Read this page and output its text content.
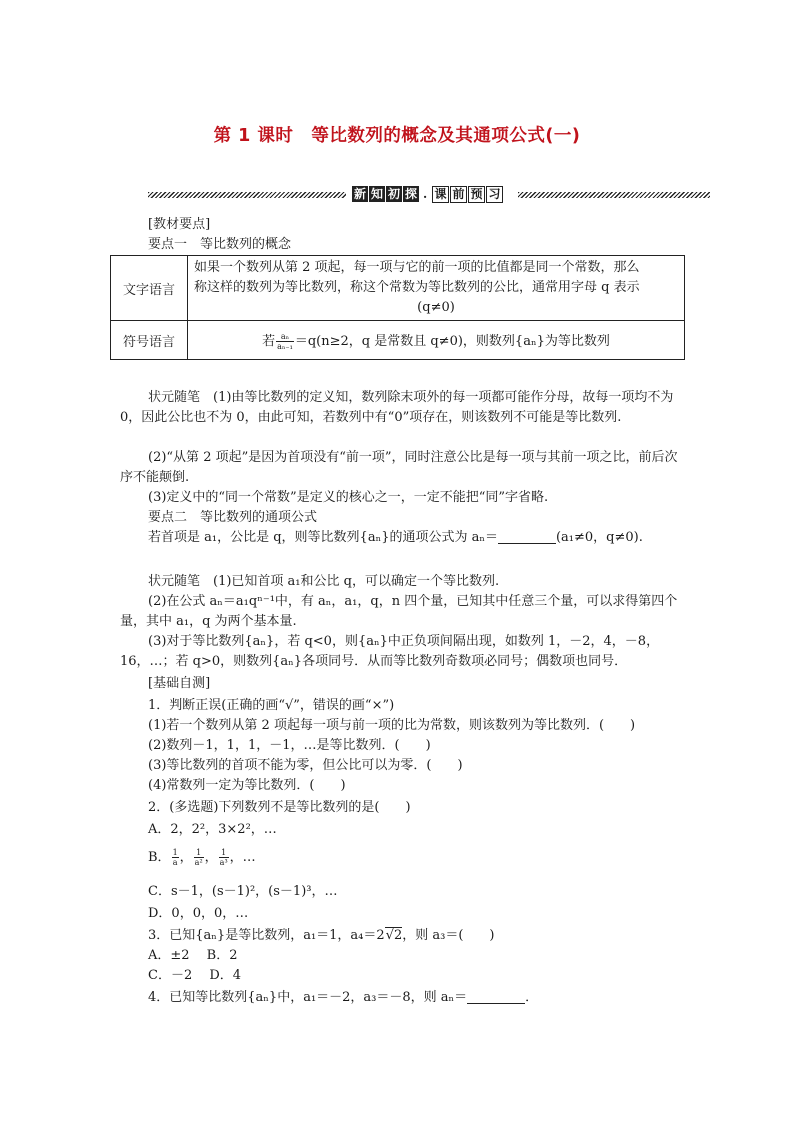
第 1 课时　等比数列的概念及其通项公式(一)
新 知 初 探 · 课 前 预 习
[教材要点]
要点一　等比数列的概念
文字语言	如果一个数列从第 2 项起，每一项与它的前一项的比值都是同一个常数，那么
称这样的数列为等比数列，称这个常数为等比数列的公比，通常用字母 q 表示
(q≠0)

符号语言	若 $\frac{\text{aₙ}}{\text{aₙ₋₁}} =q(n\ge 2$，q 是常数且 q≠0)，则数列{aₙ}为等比数列
状元随笔　(1)由等比数列的定义知，数列除末项外的每一项都可能作分母，故每一项均不为 0，因此公比也不为 0，由此可知，若数列中有“0”项存在，则该数列不可能是等比数列.
(2)“从第 2 项起”是因为首项没有“前一项”，同时注意公比是每一项与其前一项之比，前后次序不能颠倒.
(3)定义中的“同一个常数”是定义的核心之一，一定不能把“同”字省略.
要点二　等比数列的通项公式
若首项是 a₁，公比是 q，则等比数列{aₙ}的通项公式为 aₙ＝	(a₁≠0，q≠0).
状元随笔　(1)已知首项 a₁和公比 q，可以确定一个等比数列.
(2)在公式 aₙ＝a₁qⁿ⁻¹中，有 aₙ，a₁，q，n 四个量，已知其中任意三个量，可以求得第四个量，其中 a₁，q 为两个基本量.
(3)对于等比数列{aₙ}，若 q<0，则{aₙ}中正负项间隔出现，如数列 1，－2，4，－8，16，…；若 q>0，则数列{aₙ}各项同号．从而等比数列奇数项必同号；偶数项也同号．
[基础自测]
1．判断正误(正确的画“√”，错误的画“×”)
(1)若一个数列从第 2 项起每一项与前一项的比为常数，则该数列为等比数列．(　　)
(2)数列－1，1，1，－1，…是等比数列．(　　)
(3)等比数列的首项不能为零，但公比可以为零．(　　)
(4)常数列一定为等比数列．(　　)
2．(多选题)下列数列不是等比数列的是(　　)
A．2，2²，3×2²，…
B． $\frac{1}{a}$ ， $\frac{1}{\text{a²}}$ ， $\frac{1}{\text{a³}}$ ，…
C．s－1，(s－1)²，(s－1)³，…
D．0，0，0，…
3．已知{aₙ}是等比数列，a₁＝1，a₄＝2√2，则 a₃＝(　　)
A．±2　 B．2
C．－2　 D．4
4．已知等比数列{aₙ}中，a₁＝－2，a₃＝－8，则 aₙ＝	．
